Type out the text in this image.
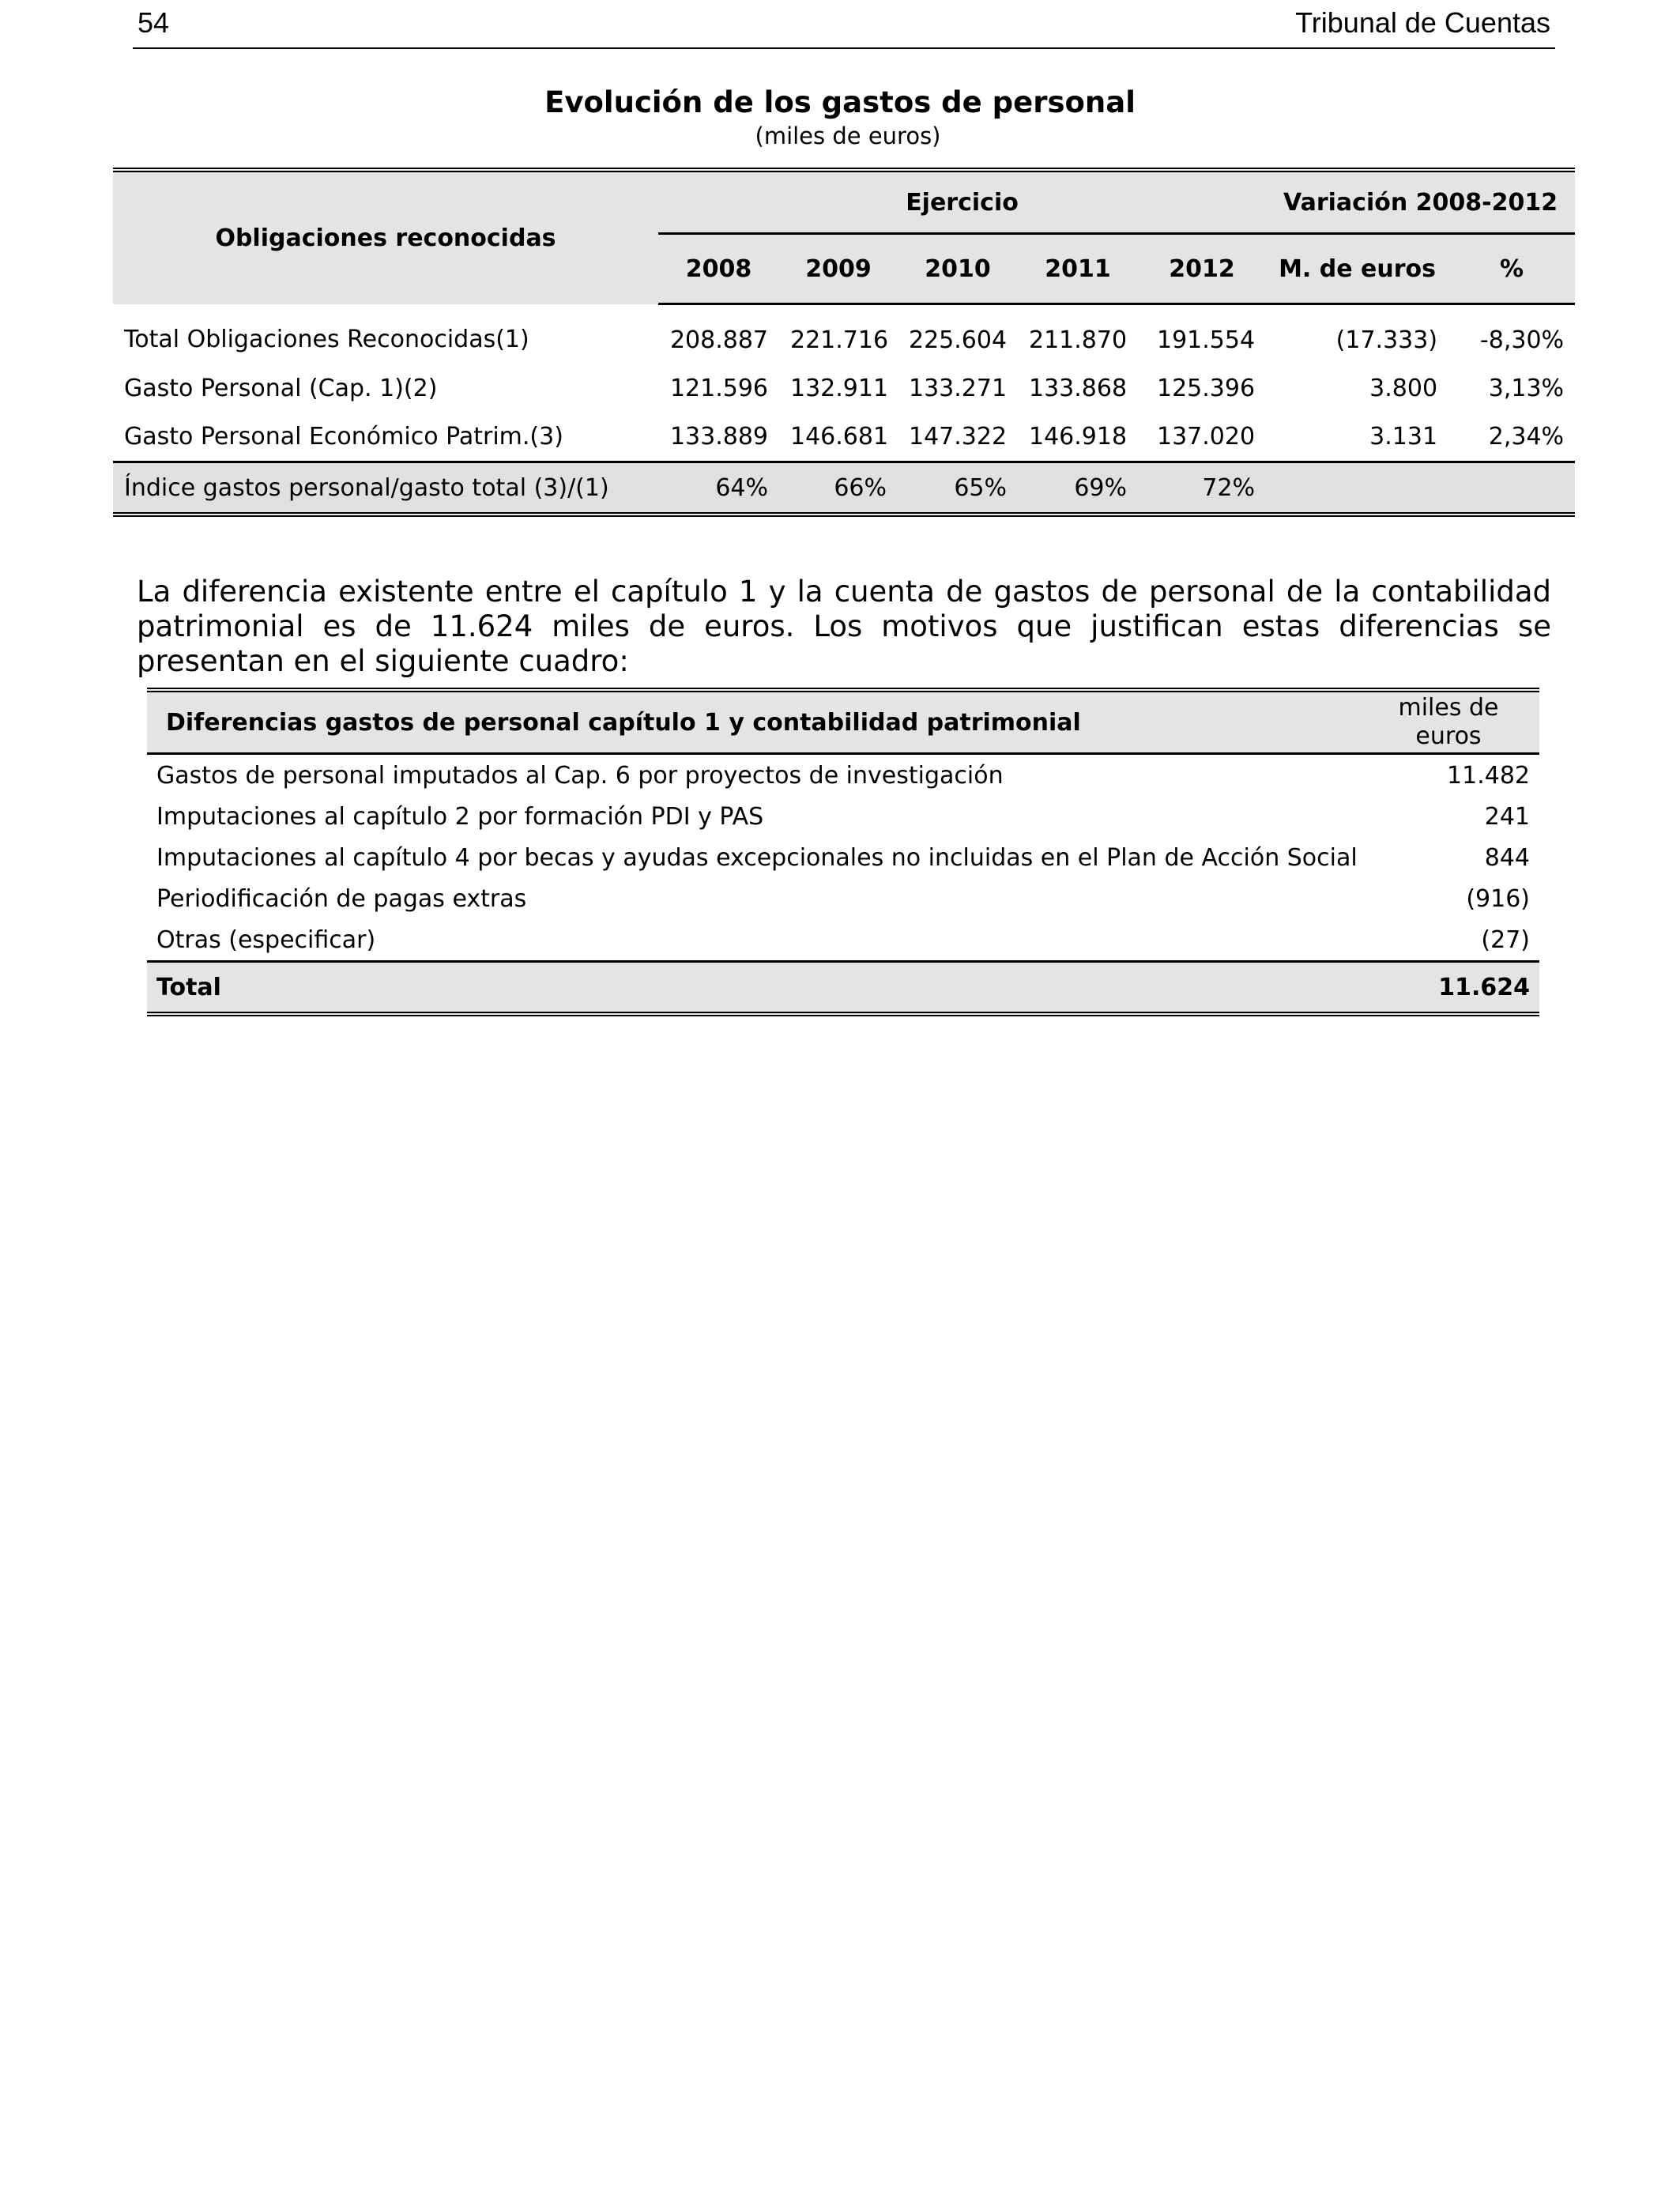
54	Tribunal de Cuentas
Evolución de los gastos de personal
(miles de euros)
Obligaciones reconocidas	Ejercicio					Variación 2008-2012	
	2008	2009	2010	2011	2012	M. de euros	%
Total Obligaciones Reconocidas(1)	208.887	221.716	225.604	211.870	191.554	(17.333)	-8,30%
Gasto Personal (Cap. 1)(2)	121.596	132.911	133.271	133.868	125.396	3.800	3,13%
Gasto Personal Económico Patrim.(3)	133.889	146.681	147.322	146.918	137.020	3.131	2,34%
Índice gastos personal/gasto total (3)/(1)	64%	66%	65%	69%	72%		

La diferencia existente entre el capítulo 1 y la cuenta de gastos de personal de la contabilidad patrimonial es de 11.624 miles de euros. Los motivos que justifican estas diferencias se presentan en el siguiente cuadro:

Diferencias gastos de personal capítulo 1 y contabilidad patrimonial	miles de euros
Gastos de personal imputados al Cap. 6 por proyectos de investigación	11.482
Imputaciones al capítulo 2 por formación PDI y PAS	241
Imputaciones al capítulo 4 por becas y ayudas excepcionales no incluidas en el Plan de Acción Social	844
Periodificación de pagas extras	(916)
Otras (especificar)	(27)
Total	11.624
